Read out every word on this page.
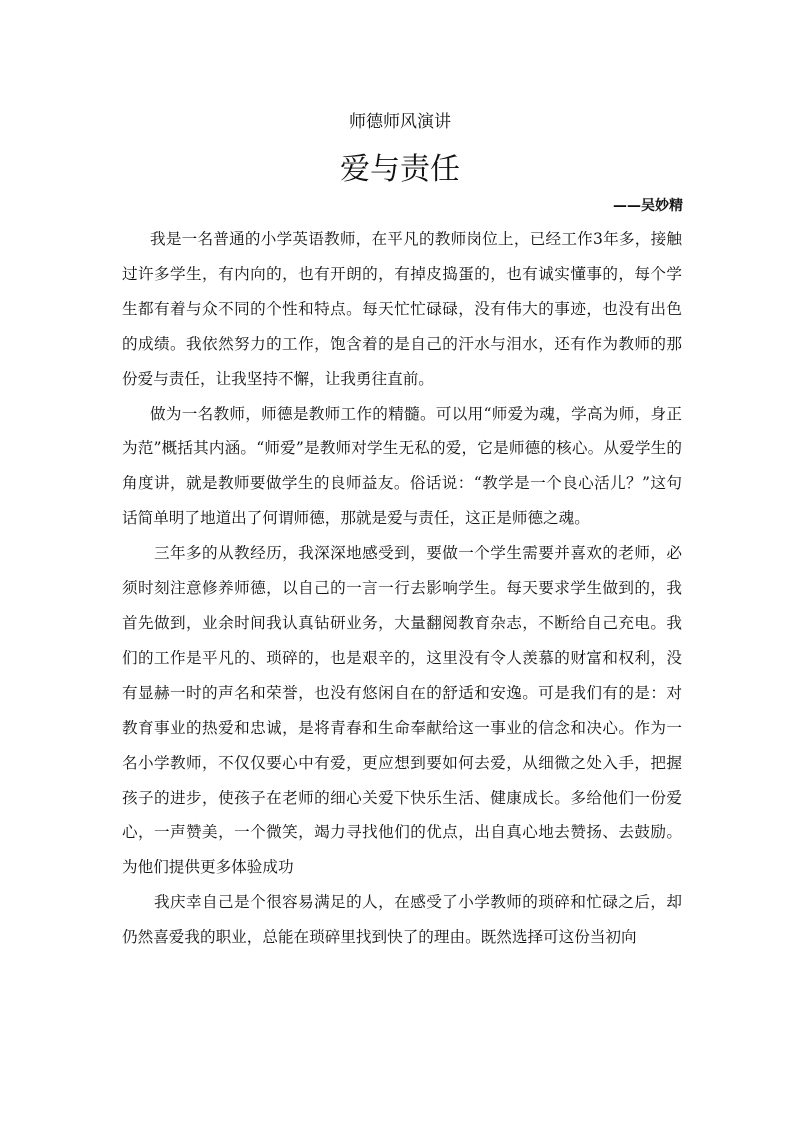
师德师风演讲
爱与责任
——吴妙精

我是一名普通的小学英语教师，在平凡的教师岗位上，已经工作3年多，接触过许多学生，有内向的，也有开朗的，有掉皮捣蛋的，也有诚实懂事的，每个学生都有着与众不同的个性和特点。每天忙忙碌碌，没有伟大的事迹，也没有出色的成绩。我依然努力的工作，饱含着的是自己的汗水与泪水，还有作为教师的那份爱与责任，让我坚持不懈，让我勇往直前。

做为一名教师，师德是教师工作的精髓。可以用“师爱为魂，学高为师，身正为范”概括其内涵。“师爱”是教师对学生无私的爱，它是师德的核心。从爱学生的角度讲，就是教师要做学生的良师益友。俗话说：“教学是一个良心活儿？”这句话简单明了地道出了何谓师德，那就是爱与责任，这正是师德之魂。

三年多的从教经历，我深深地感受到，要做一个学生需要并喜欢的老师，必须时刻注意修养师德，以自己的一言一行去影响学生。每天要求学生做到的，我首先做到，业余时间我认真钻研业务，大量翻阅教育杂志，不断给自己充电。我们的工作是平凡的、琐碎的，也是艰辛的，这里没有令人羡慕的财富和权利，没有显赫一时的声名和荣誉，也没有悠闲自在的舒适和安逸。可是我们有的是：对教育事业的热爱和忠诚，是将青春和生命奉献给这一事业的信念和决心。作为一名小学教师，不仅仅要心中有爱，更应想到要如何去爱，从细微之处入手，把握孩子的进步，使孩子在老师的细心关爱下快乐生活、健康成长。多给他们一份爱心，一声赞美，一个微笑，竭力寻找他们的优点，出自真心地去赞扬、去鼓励。为他们提供更多体验成功

我庆幸自己是个很容易满足的人，在感受了小学教师的琐碎和忙碌之后，却仍然喜爱我的职业，总能在琐碎里找到快了的理由。既然选择可这份当初向
